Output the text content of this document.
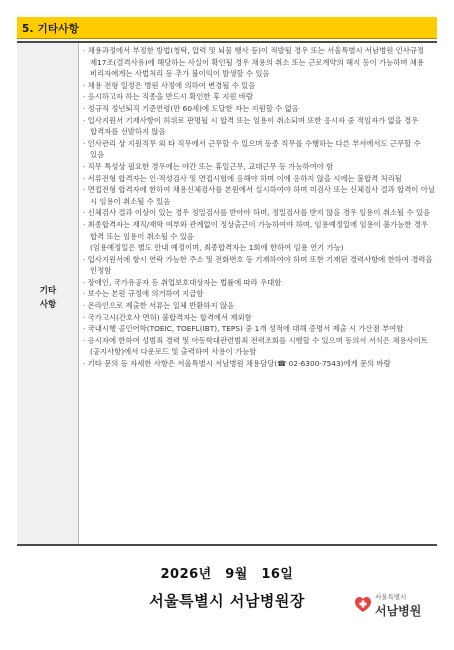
5. 기타사항
기타
사항
· 채용과정에서 부정한 방법(청탁, 압력 및 뇌물 행사 등)이 적발될 경우 또는 서울특별시 서남병원 인사규정 제17조(결격사유)에 해당하는 사실이 확인될 경우 채용의 취소 또는 근로계약의 해지 등이 가능하며 채용 비리자에게는 사법처리 등 추가 불이익이 발생할 수 있음
· 채용 전형 일정은 병원 사정에 의하여 변경될 수 있음
· 응시하고자 하는 직종을 반드시 확인한 후 지원 바람
· 정규직 정년퇴직 기준연령(만 60세)에 도달한 자는 지원할 수 없음
· 입사지원서 기재사항이 허위로 판명될 시 합격 또는 임용이 취소되며 또한 응시자 중 적임자가 없을 경우 합격자를 선발하지 않음
· 인사관리 상 지원직무 외 타 직무에서 근무할 수 있으며 동종 직무를 수행하는 다른 부서에서도 근무할 수 있음
· 직무 특성상 필요한 경우에는 야간 또는 휴일근무, 교대근무 등 가능하여야 함
· 서류전형 합격자는 인·적성검사 및 면접시험에 응해야 하며 이에 응하지 않을 시에는 불합격 처리됨
· 면접전형 합격자에 한하여 채용신체검사를 본원에서 실시하여야 하며 미검사 또는 신체검사 결과 합격이 아닐 시 임용이 취소될 수 있음
· 신체검사 결과 이상이 있는 경우 정밀검사를 받아야 하며, 정밀검사를 받지 않을 경우 임용이 취소될 수 있음
· 최종합격자는 재직/재학 여부와 관계없이 정상출근이 가능하여야 하며, 임용예정일에 임용이 불가능한 경우 합격 또는 임용이 취소될 수 있음
(임용예정일은 별도 안내 예정이며, 최종합격자는 1회에 한하여 임용 연기 가능)
· 입사지원서에 항시 연락 가능한 주소 및 전화번호 등 기재하여야 하며 또한 기재된 경력사항에 한하여 경력을 인정함
· 장애인, 국가유공자 등 취업보호대상자는 법률에 따라 우대함
· 보수는 본원 규정에 의거하여 지급함
· 온라인으로 제출한 서류는 일체 반환하지 않음
· 국가고시(간호사 면허) 불합격자는 합격에서 제외함
· 국내시행 공인어학(TOEIC, TOEFL(IBT), TEPS) 중 1개 성적에 대해 증명서 제출 시 가산점 부여함
· 응시자에 한하여 성범죄 경력 및 아동학대관련범죄 전력조회를 시행할 수 있으며 동의서 서식은 채용사이트(공지사항)에서 다운로드 및 출력하여 사용이 가능함
· 기타 문의 등 자세한 사항은 서울특별시 서남병원 채용담당(☎ 02-6300-7543)에게 문의 바람
2026년　9월　16일
서울특별시 서남병원장	서울특별시
서남병원
